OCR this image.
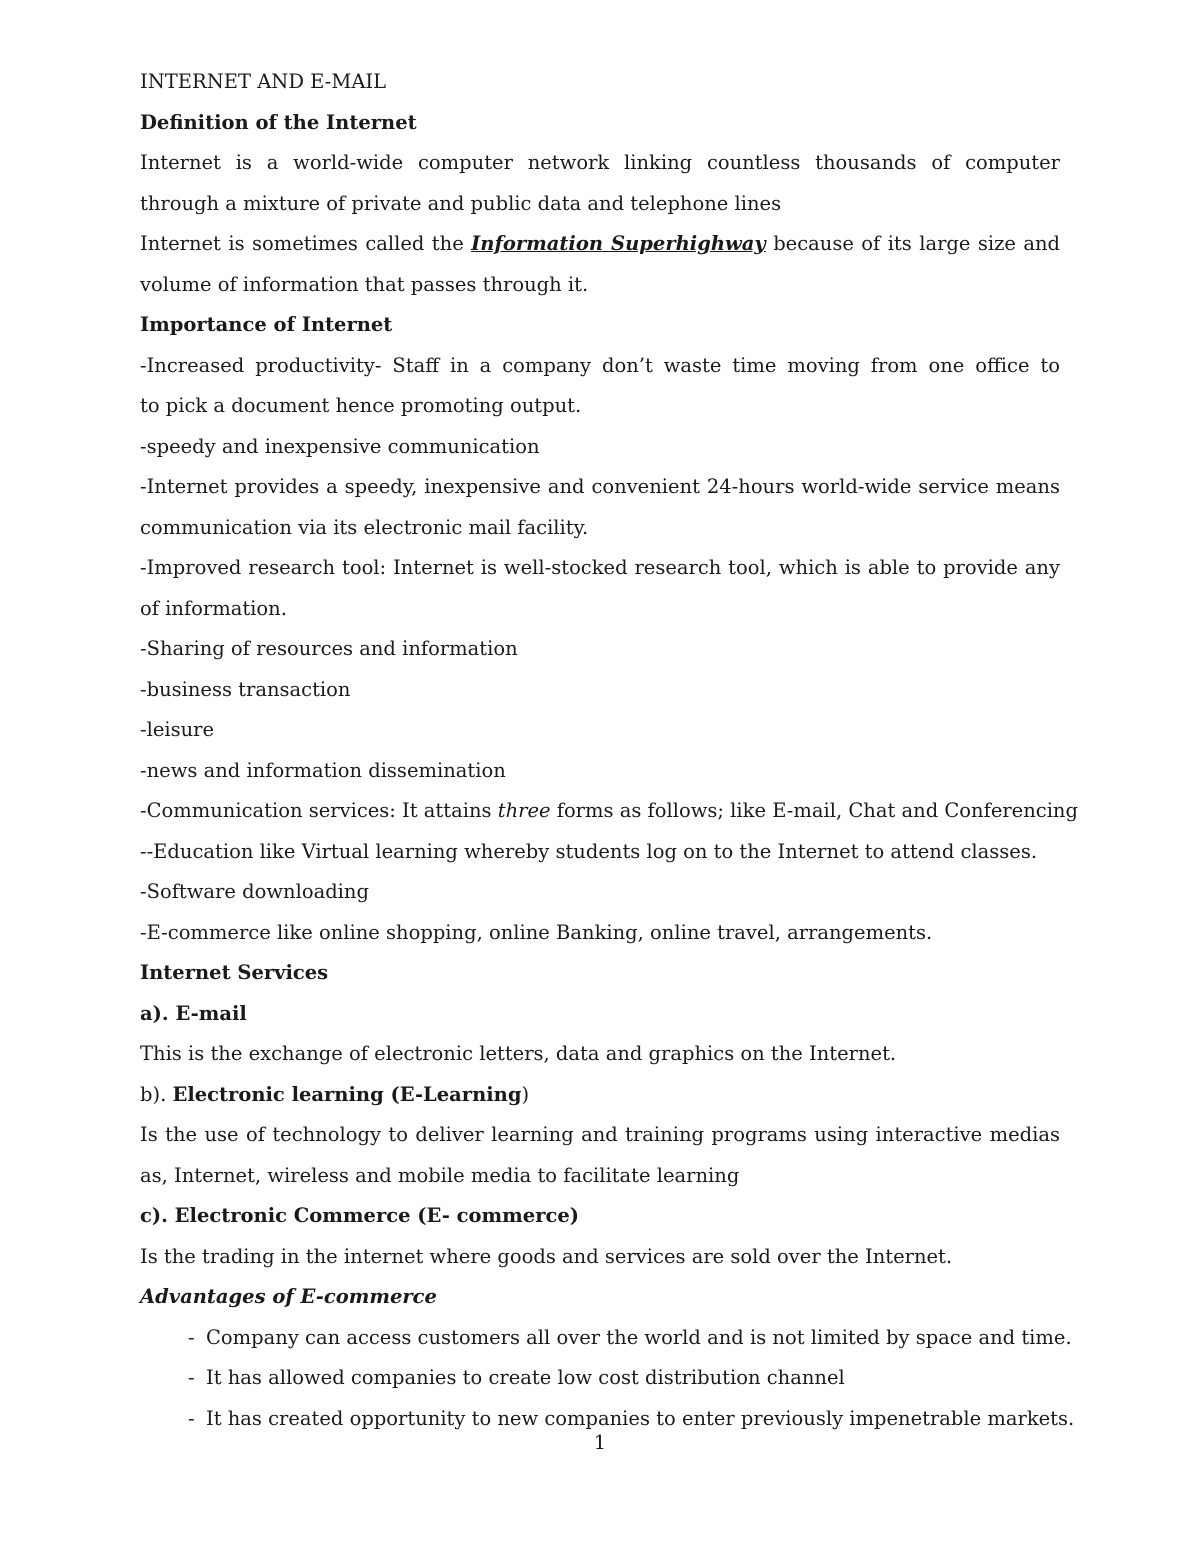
INTERNET AND E-MAIL
Definition of the Internet
Internet is a world-wide computer network linking countless thousands of computer
through a mixture of private and public data and telephone lines
Internet is sometimes called the Information Superhighway because of its large size and
volume of information that passes through it.
Importance of Internet
-Increased productivity- Staff in a company don’t waste time moving from one office to
to pick a document hence promoting output.
-speedy and inexpensive communication
-Internet provides a speedy, inexpensive and convenient 24-hours world-wide service means
communication via its electronic mail facility.
-Improved research tool: Internet is well-stocked research tool, which is able to provide any
of information.
-Sharing of resources and information
-business transaction
-leisure
-news and information dissemination
-Communication services: It attains three forms as follows; like E-mail, Chat and Conferencing
--Education like Virtual learning whereby students log on to the Internet to attend classes.
-Software downloading
-E-commerce like online shopping, online Banking, online travel, arrangements.
Internet Services
a). E-mail
This is the exchange of electronic letters, data and graphics on the Internet.
b). Electronic learning (E-Learning)
Is the use of technology to deliver learning and training programs using interactive medias
as, Internet, wireless and mobile media to facilitate learning
c). Electronic Commerce (E- commerce)
Is the trading in the internet where goods and services are sold over the Internet.
Advantages of E-commerce
- Company can access customers all over the world and is not limited by space and time.
- It has allowed companies to create low cost distribution channel
- It has created opportunity to new companies to enter previously impenetrable markets.
1
